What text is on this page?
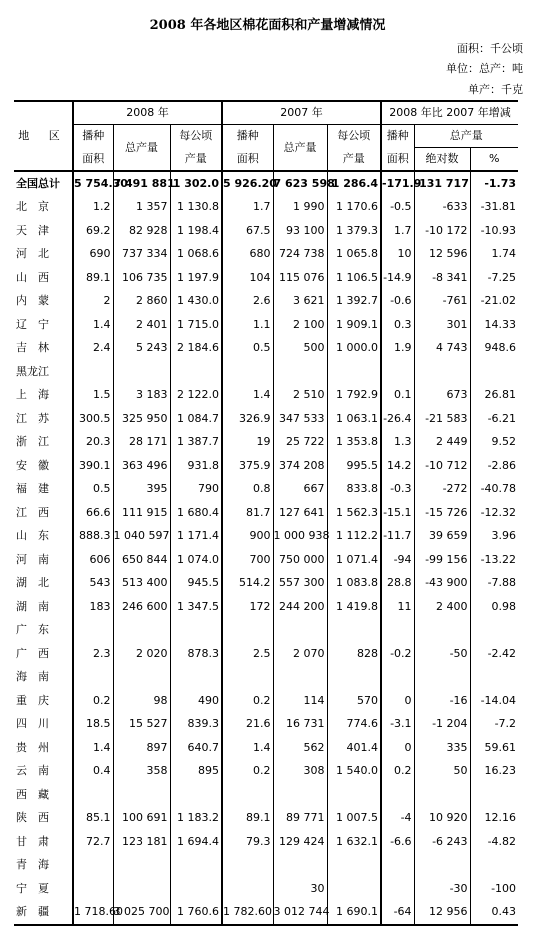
2008 年各地区棉花面积和产量增减情况
面积：千公顷
单位：总产：吨
单产：千克
地 区	2008 年			2007 年			2008 年比 2007 年增减		
	播种	总产量	每公顷	播种	总产量	每公顷	播种	总产量	
	面积		产量	面积		产量	面积	绝对数	%
全国总计	5 754.30	7 491 881	1 302.0	5 926.20	7 623 598	1 286.4	-171.9	-131 717	-1.73
北　京	1.2	1 357	1 130.8	1.7	1 990	1 170.6	-0.5	-633	-31.81
天　津	69.2	82 928	1 198.4	67.5	93 100	1 379.3	1.7	-10 172	-10.93
河　北	690	737 334	1 068.6	680	724 738	1 065.8	10	12 596	1.74
山　西	89.1	106 735	1 197.9	104	115 076	1 106.5	-14.9	-8 341	-7.25
内　蒙	2	2 860	1 430.0	2.6	3 621	1 392.7	-0.6	-761	-21.02
辽　宁	1.4	2 401	1 715.0	1.1	2 100	1 909.1	0.3	301	14.33
吉　林	2.4	5 243	2 184.6	0.5	500	1 000.0	1.9	4 743	948.6
黑龙江									
上　海	1.5	3 183	2 122.0	1.4	2 510	1 792.9	0.1	673	26.81
江　苏	300.5	325 950	1 084.7	326.9	347 533	1 063.1	-26.4	-21 583	-6.21
浙　江	20.3	28 171	1 387.7	19	25 722	1 353.8	1.3	2 449	9.52
安　徽	390.1	363 496	931.8	375.9	374 208	995.5	14.2	-10 712	-2.86
福　建	0.5	395	790	0.8	667	833.8	-0.3	-272	-40.78
江　西	66.6	111 915	1 680.4	81.7	127 641	1 562.3	-15.1	-15 726	-12.32
山　东	888.3	1 040 597	1 171.4	900	1 000 938	1 112.2	-11.7	39 659	3.96
河　南	606	650 844	1 074.0	700	750 000	1 071.4	-94	-99 156	-13.22
湖　北	543	513 400	945.5	514.2	557 300	1 083.8	28.8	-43 900	-7.88
湖　南	183	246 600	1 347.5	172	244 200	1 419.8	11	2 400	0.98
广　东									
广　西	2.3	2 020	878.3	2.5	2 070	828	-0.2	-50	-2.42
海　南									
重　庆	0.2	98	490	0.2	114	570	0	-16	-14.04
四　川	18.5	15 527	839.3	21.6	16 731	774.6	-3.1	-1 204	-7.2
贵　州	1.4	897	640.7	1.4	562	401.4	0	335	59.61
云　南	0.4	358	895	0.2	308	1 540.0	0.2	50	16.23
西　藏									
陕　西	85.1	100 691	1 183.2	89.1	89 771	1 007.5	-4	10 920	12.16
甘　肃	72.7	123 181	1 694.4	79.3	129 424	1 632.1	-6.6	-6 243	-4.82
青　海									
宁　夏					30			-30	-100
新　疆	1 718.60	3 025 700	1 760.6	1 782.60	3 012 744	1 690.1	-64	12 956	0.43
